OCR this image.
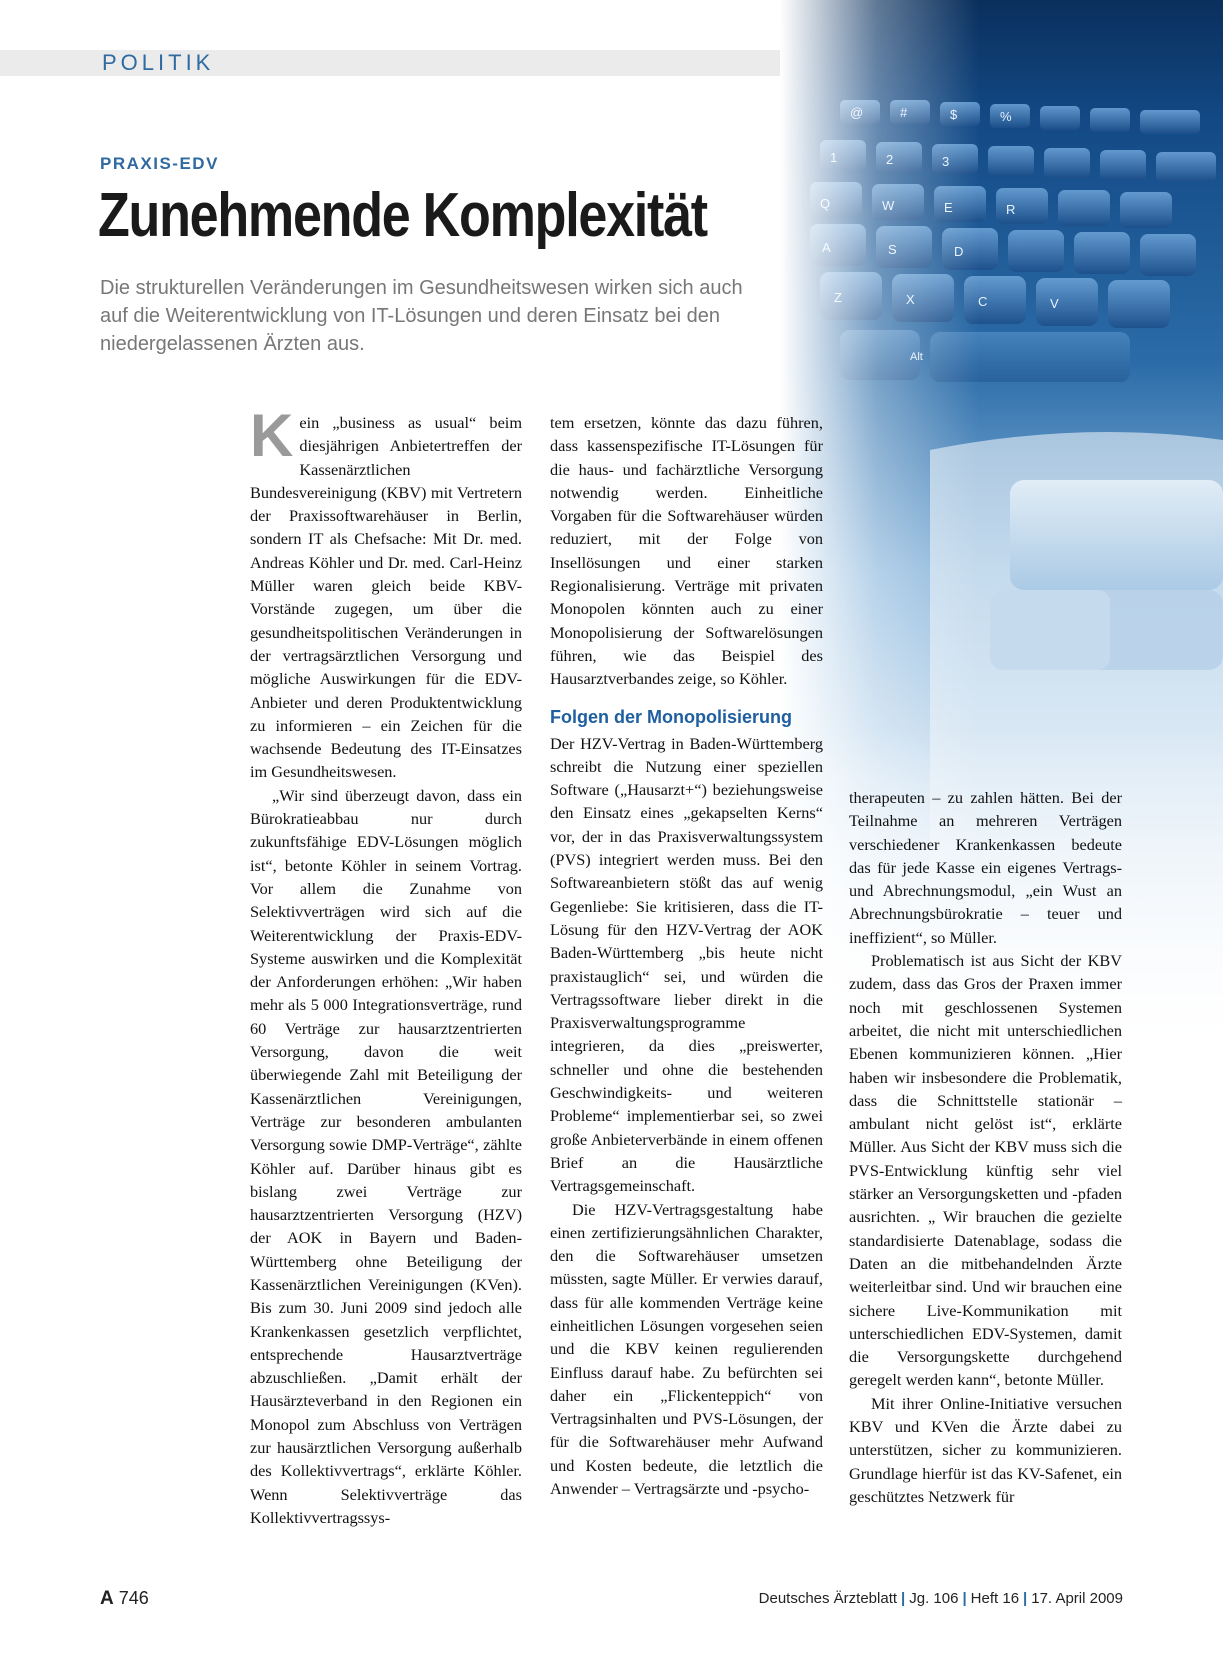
POLITIK
PRAXIS-EDV
Zunehmende Komplexität
Die strukturellen Veränderungen im Gesundheitswesen wirken sich auch auf die Weiterentwicklung von IT-Lösungen und deren Einsatz bei den niedergelassenen Ärzten aus.

Kein „business as usual“ beim diesjährigen Anbietertreffen der Kassenärztlichen Bundesvereinigung (KBV) mit Vertretern der Praxissoftwarehäuser in Berlin, sondern IT als Chefsache: Mit Dr. med. Andreas Köhler und Dr. med. Carl-Heinz Müller waren gleich beide KBV-Vorstände zugegen, um über die gesundheitspolitischen Veränderungen in der vertragsärztlichen Versorgung und mögliche Auswirkungen für die EDV-Anbieter und deren Produktentwicklung zu informieren – ein Zeichen für die wachsende Bedeutung des IT-Einsatzes im Gesundheitswesen.

„Wir sind überzeugt davon, dass ein Bürokratieabbau nur durch zukunftsfähige EDV-Lösungen möglich ist“, betonte Köhler in seinem Vortrag. Vor allem die Zunahme von Selektivverträgen wird sich auf die Weiterentwicklung der Praxis-EDV-Systeme auswirken und die Komplexität der Anforderungen erhöhen: „Wir haben mehr als 5 000 Integrationsverträge, rund 60 Verträge zur hausarztzentrierten Versorgung, davon die weit überwiegende Zahl mit Beteiligung der Kassenärztlichen Vereinigungen, Verträge zur besonderen ambulanten Versorgung sowie DMP-Verträge“, zählte Köhler auf. Darüber hinaus gibt es bislang zwei Verträge zur hausarztzentrierten Versorgung (HZV) der AOK in Bayern und Baden-Württemberg ohne Beteiligung der Kassenärztlichen Vereinigungen (KVen). Bis zum 30. Juni 2009 sind jedoch alle Krankenkassen gesetzlich verpflichtet, entsprechende Hausarztverträge abzuschließen. „Damit erhält der Hausärzteverband in den Regionen ein Monopol zum Abschluss von Verträgen zur hausärztlichen Versorgung außerhalb des Kollektivvertrags“, erklärte Köhler. Wenn Selektivverträge das Kollektivvertragssys-

tem ersetzen, könnte das dazu führen, dass kassenspezifische IT-Lösungen für die haus- und fachärztliche Versorgung notwendig werden. Einheitliche Vorgaben für die Softwarehäuser würden reduziert, mit der Folge von Insellösungen und einer starken Regionalisierung. Verträge mit privaten Monopolen könnten auch zu einer Monopolisierung der Softwarelösungen führen, wie das Beispiel des Hausarztverbandes zeige, so Köhler.

Folgen der Monopolisierung

Der HZV-Vertrag in Baden-Württemberg schreibt die Nutzung einer speziellen Software („Hausarzt+“) beziehungsweise den Einsatz eines „gekapselten Kerns“ vor, der in das Praxisverwaltungssystem (PVS) integriert werden muss. Bei den Softwareanbietern stößt das auf wenig Gegenliebe: Sie kritisieren, dass die IT-Lösung für den HZV-Vertrag der AOK Baden-Württemberg „bis heute nicht praxistauglich“ sei, und würden die Vertragssoftware lieber direkt in die Praxisverwaltungsprogramme integrieren, da dies „preiswerter, schneller und ohne die bestehenden Geschwindigkeits- und weiteren Probleme“ implementierbar sei, so zwei große Anbieterverbände in einem offenen Brief an die Hausärztliche Vertragsgemeinschaft.

Die HZV-Vertragsgestaltung habe einen zertifizierungsähnlichen Charakter, den die Softwarehäuser umsetzen müssten, sagte Müller. Er verwies darauf, dass für alle kommenden Verträge keine einheitlichen Lösungen vorgesehen seien und die KBV keinen regulierenden Einfluss darauf habe. Zu befürchten sei daher ein „Flickenteppich“ von Vertragsinhalten und PVS-Lösungen, der für die Softwarehäuser mehr Aufwand und Kosten bedeute, die letztlich die Anwender – Vertragsärzte und -psycho-

therapeuten – zu zahlen hätten. Bei der Teilnahme an mehreren Verträgen verschiedener Krankenkassen bedeute das für jede Kasse ein eigenes Vertrags- und Abrechnungsmodul, „ein Wust an Abrechnungsbürokratie – teuer und ineffizient“, so Müller.

Problematisch ist aus Sicht der KBV zudem, dass das Gros der Praxen immer noch mit geschlossenen Systemen arbeitet, die nicht mit unterschiedlichen Ebenen kommunizieren können. „Hier haben wir insbesondere die Problematik, dass die Schnittstelle stationär – ambulant nicht gelöst ist“, erklärte Müller. Aus Sicht der KBV muss sich die PVS-Entwicklung künftig sehr viel stärker an Versorgungsketten und -pfaden ausrichten. „ Wir brauchen die gezielte standardisierte Datenablage, sodass die Daten an die mitbehandelnden Ärzte weiterleitbar sind. Und wir brauchen eine sichere Live-Kommunikation mit unterschiedlichen EDV-Systemen, damit die Versorgungskette durchgehend geregelt werden kann“, betonte Müller.

Mit ihrer Online-Initiative versuchen KBV und KVen die Ärzte dabei zu unterstützen, sicher zu kommunizieren. Grundlage hierfür ist das KV-Safenet, ein geschütztes Netzwerk für

A 746	Deutsches Ärzteblatt | Jg. 106 | Heft 16 | 17. April 2009
